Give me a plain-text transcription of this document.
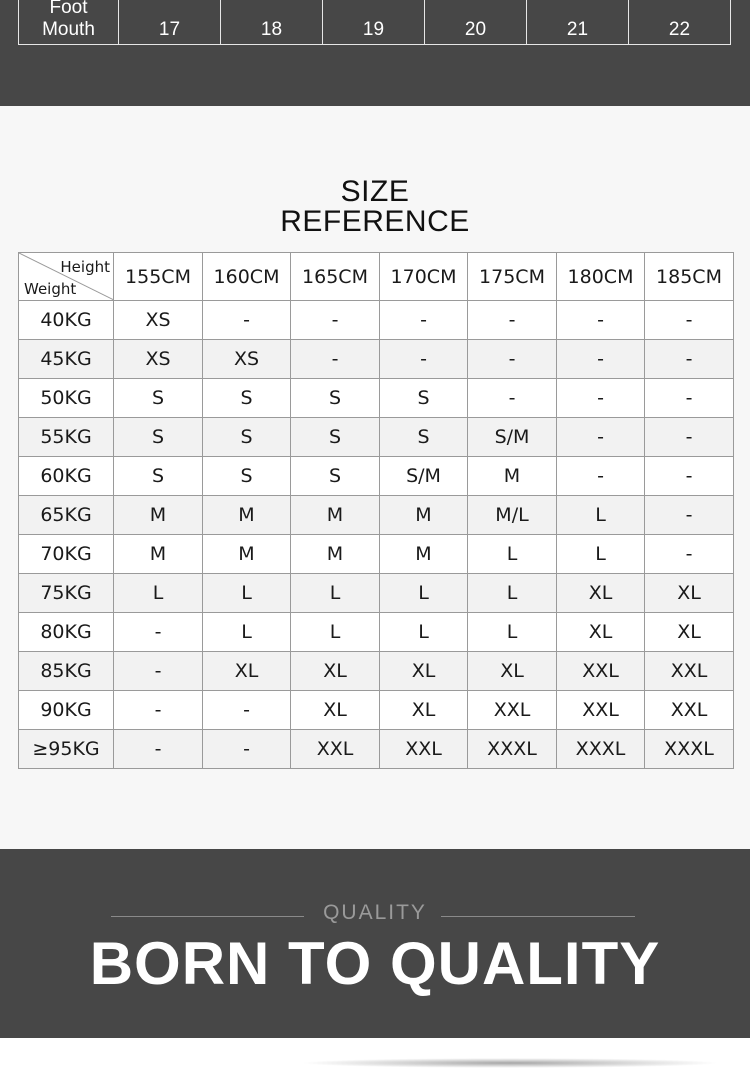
Foot
Mouth	17	18	19	20	21	22
SIZE
REFERENCE
Height
Weight	155CM	160CM	165CM	170CM	175CM	180CM	185CM
40KG	XS	-	-	-	-	-	-
45KG	XS	XS	-	-	-	-	-
50KG	S	S	S	S	-	-	-
55KG	S	S	S	S	S/M	-	-
60KG	S	S	S	S/M	M	-	-
65KG	M	M	M	M	M/L	L	-
70KG	M	M	M	M	L	L	-
75KG	L	L	L	L	L	XL	XL
80KG	-	L	L	L	L	XL	XL
85KG	-	XL	XL	XL	XL	XXL	XXL
90KG	-	-	XL	XL	XXL	XXL	XXL
≥95KG	-	-	XXL	XXL	XXXL	XXXL	XXXL
QUALITY
BORN TO QUALITY
